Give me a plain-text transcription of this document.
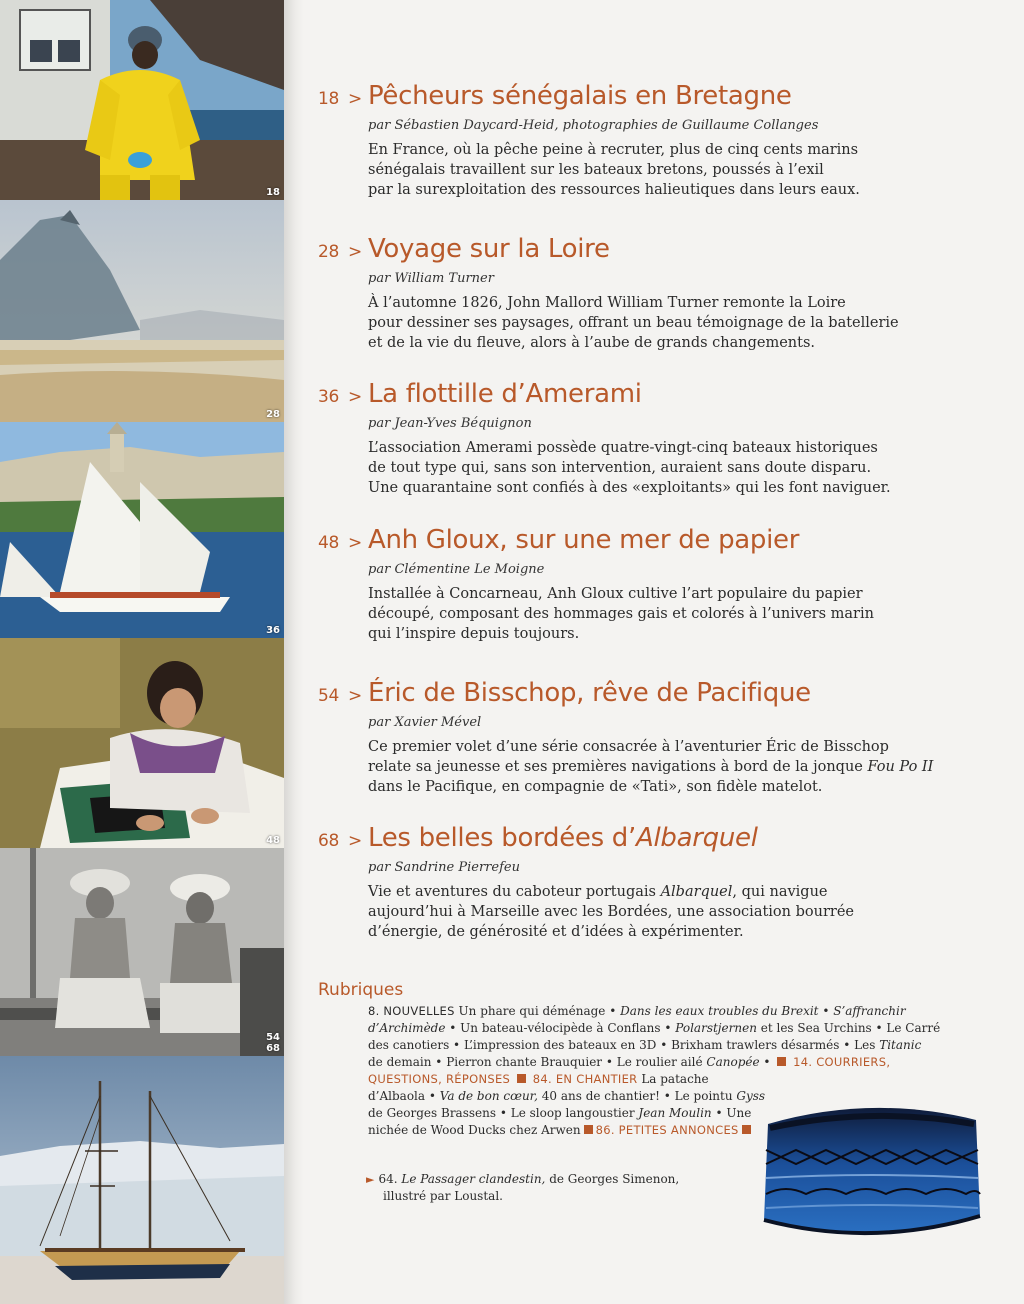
18
28
36
48
54
68
18 > Pêcheurs sénégalais en Bretagne
par Sébastien Daycard-Heid, photographies de Guillaume Collanges
En France, où la pêche peine à recruter, plus de cinq cents marins
sénégalais travaillent sur les bateaux bretons, poussés à l’exil
par la surexploitation des ressources halieutiques dans leurs eaux.
28 > Voyage sur la Loire
par William Turner
À l’automne 1826, John Mallord William Turner remonte la Loire
pour dessiner ses paysages, offrant un beau témoignage de la batellerie
et de la vie du fleuve, alors à l’aube de grands changements.
36 > La flottille d’Amerami
par Jean-Yves Béquignon
L’association Amerami possède quatre-vingt-cinq bateaux historiques
de tout type qui, sans son intervention, auraient sans doute disparu.
Une quarantaine sont confiés à des «exploitants» qui les font naviguer.
48 > Anh Gloux, sur une mer de papier
par Clémentine Le Moigne
Installée à Concarneau, Anh Gloux cultive l’art populaire du papier
découpé, composant des hommages gais et colorés à l’univers marin
qui l’inspire depuis toujours.
54 > Éric de Bisschop, rêve de Pacifique
par Xavier Mével
Ce premier volet d’une série consacrée à l’aventurier Éric de Bisschop
relate sa jeunesse et ses premières navigations à bord de la jonque Fou Po II
dans le Pacifique, en compagnie de «Tati», son fidèle matelot.
68 > Les belles bordées d’Albarquel
par Sandrine Pierrefeu
Vie et aventures du caboteur portugais Albarquel, qui navigue
aujourd’hui à Marseille avec les Bordées, une association bourrée
d’énergie, de générosité et d’idées à expérimenter.
Rubriques
8. NOUVELLES Un phare qui déménage • Dans les eaux troubles du Brexit • S’affranchir
d’Archimède • Un bateau-vélocipède à Conflans • Polarstjernen et les Sea Urchins • Le Carré
des canotiers • L’impression des bateaux en 3D • Brixham trawlers désarmés • Les Titanic
de demain • Pierron chante Brauquier • Le roulier ailé Canopée • 14. COURRIERS,
QUESTIONS, RÉPONSES 84. EN CHANTIER La patache
d’Albaola • Va de bon cœur, 40 ans de chantier! • Le pointu Gyss
de Georges Brassens • Le sloop langoustier Jean Moulin • Une
nichée de Wood Ducks chez Arwen 86. PETITES ANNONCES
► 64. Le Passager clandestin, de Georges Simenon,
illustré par Loustal.
